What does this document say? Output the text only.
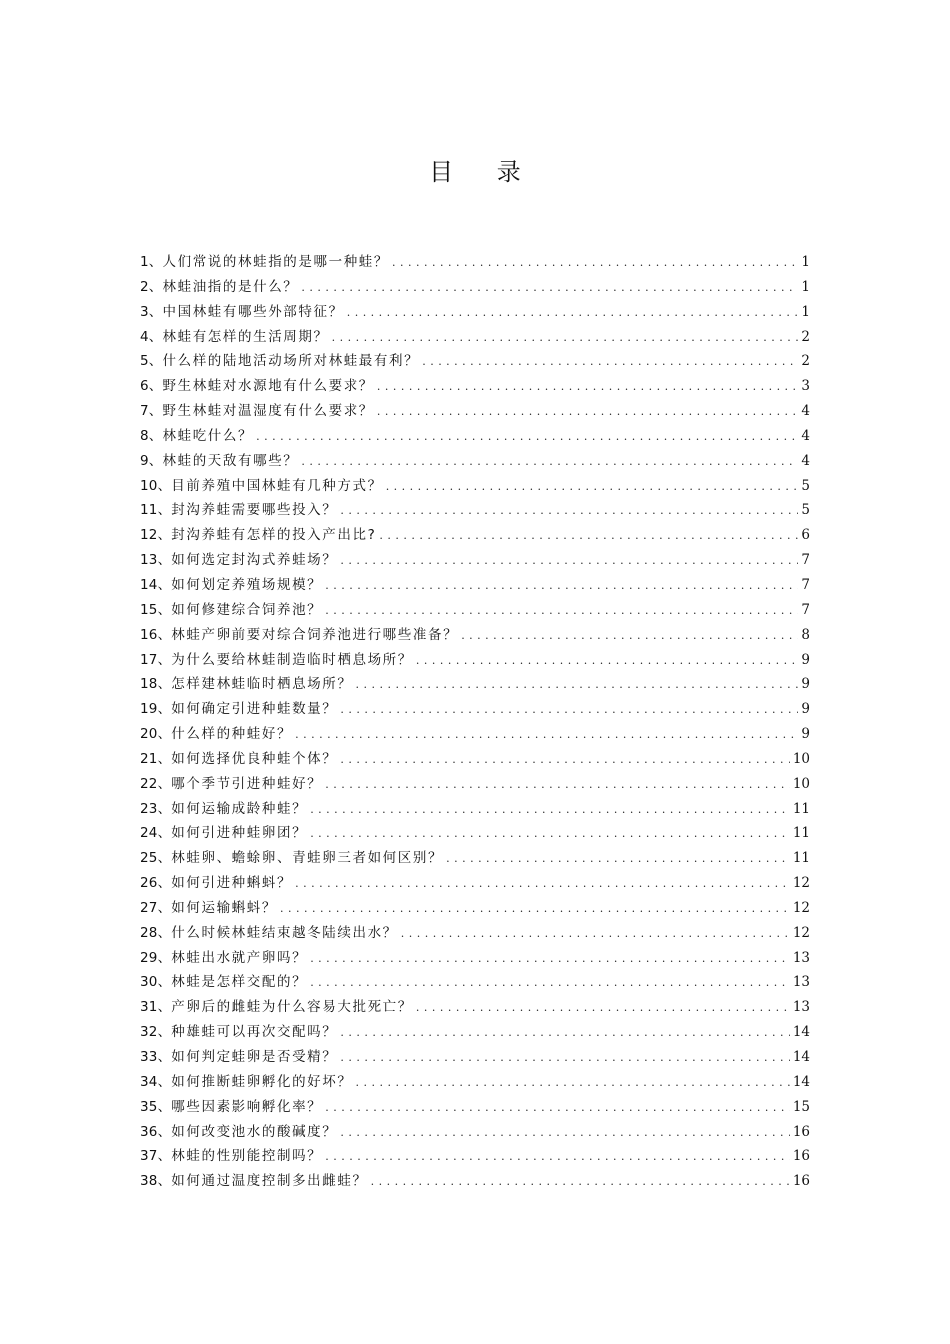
目 录
1、 人们常说的林蛙指的是哪一种蛙？ . . .	1
2、 林蛙油指的是什么？ . . .	1
3、 中国林蛙有哪些外部特征？ . . .	1
4、 林蛙有怎样的生活周期？ . . .	2
5、 什么样的陆地活动场所对林蛙最有利？ . . .	2
6、 野生林蛙对水源地有什么要求？ . . .	3
7、 野生林蛙对温湿度有什么要求？ . . .	4
8、 林蛙吃什么？ . . .	4
9、 林蛙的天敌有哪些？ . . .	4
10、 目前养殖中国林蛙有几种方式？ . . .	5
11、 封沟养蛙需要哪些投入？ . . .	5
12、 封沟养蛙有怎样的投入产出比? . . .	6
13、 如何选定封沟式养蛙场？ . . .	7
14、 如何划定养殖场规模？ . . .	7
15、 如何修建综合饲养池？ . . .	7
16、 林蛙产卵前要对综合饲养池进行哪些准备？ . . .	8
17、 为什么要给林蛙制造临时栖息场所？ . . .	9
18、 怎样建林蛙临时栖息场所？ . . .	9
19、 如何确定引进种蛙数量？ . . .	9
20、 什么样的种蛙好？ . . .	9
21、 如何选择优良种蛙个体？ . . .	10
22、 哪个季节引进种蛙好？ . . .	10
23、 如何运输成龄种蛙？ . . .	11
24、 如何引进种蛙卵团？ . . .	11
25、 林蛙卵、蟾蜍卵、青蛙卵三者如何区别？ . . .	11
26、 如何引进种蝌蚪？ . . .	12
27、 如何运输蝌蚪？ . . .	12
28、 什么时候林蛙结束越冬陆续出水？ . . .	12
29、 林蛙出水就产卵吗？ . . .	13
30、 林蛙是怎样交配的？ . . .	13
31、 产卵后的雌蛙为什么容易大批死亡？ . . .	13
32、 种雄蛙可以再次交配吗？ . . .	14
33、 如何判定蛙卵是否受精？ . . .	14
34、 如何推断蛙卵孵化的好坏？ . . .	14
35、 哪些因素影响孵化率？ . . .	15
36、 如何改变池水的酸碱度？ . . .	16
37、 林蛙的性别能控制吗？ . . .	16
38、 如何通过温度控制多出雌蛙？ . . .	16
